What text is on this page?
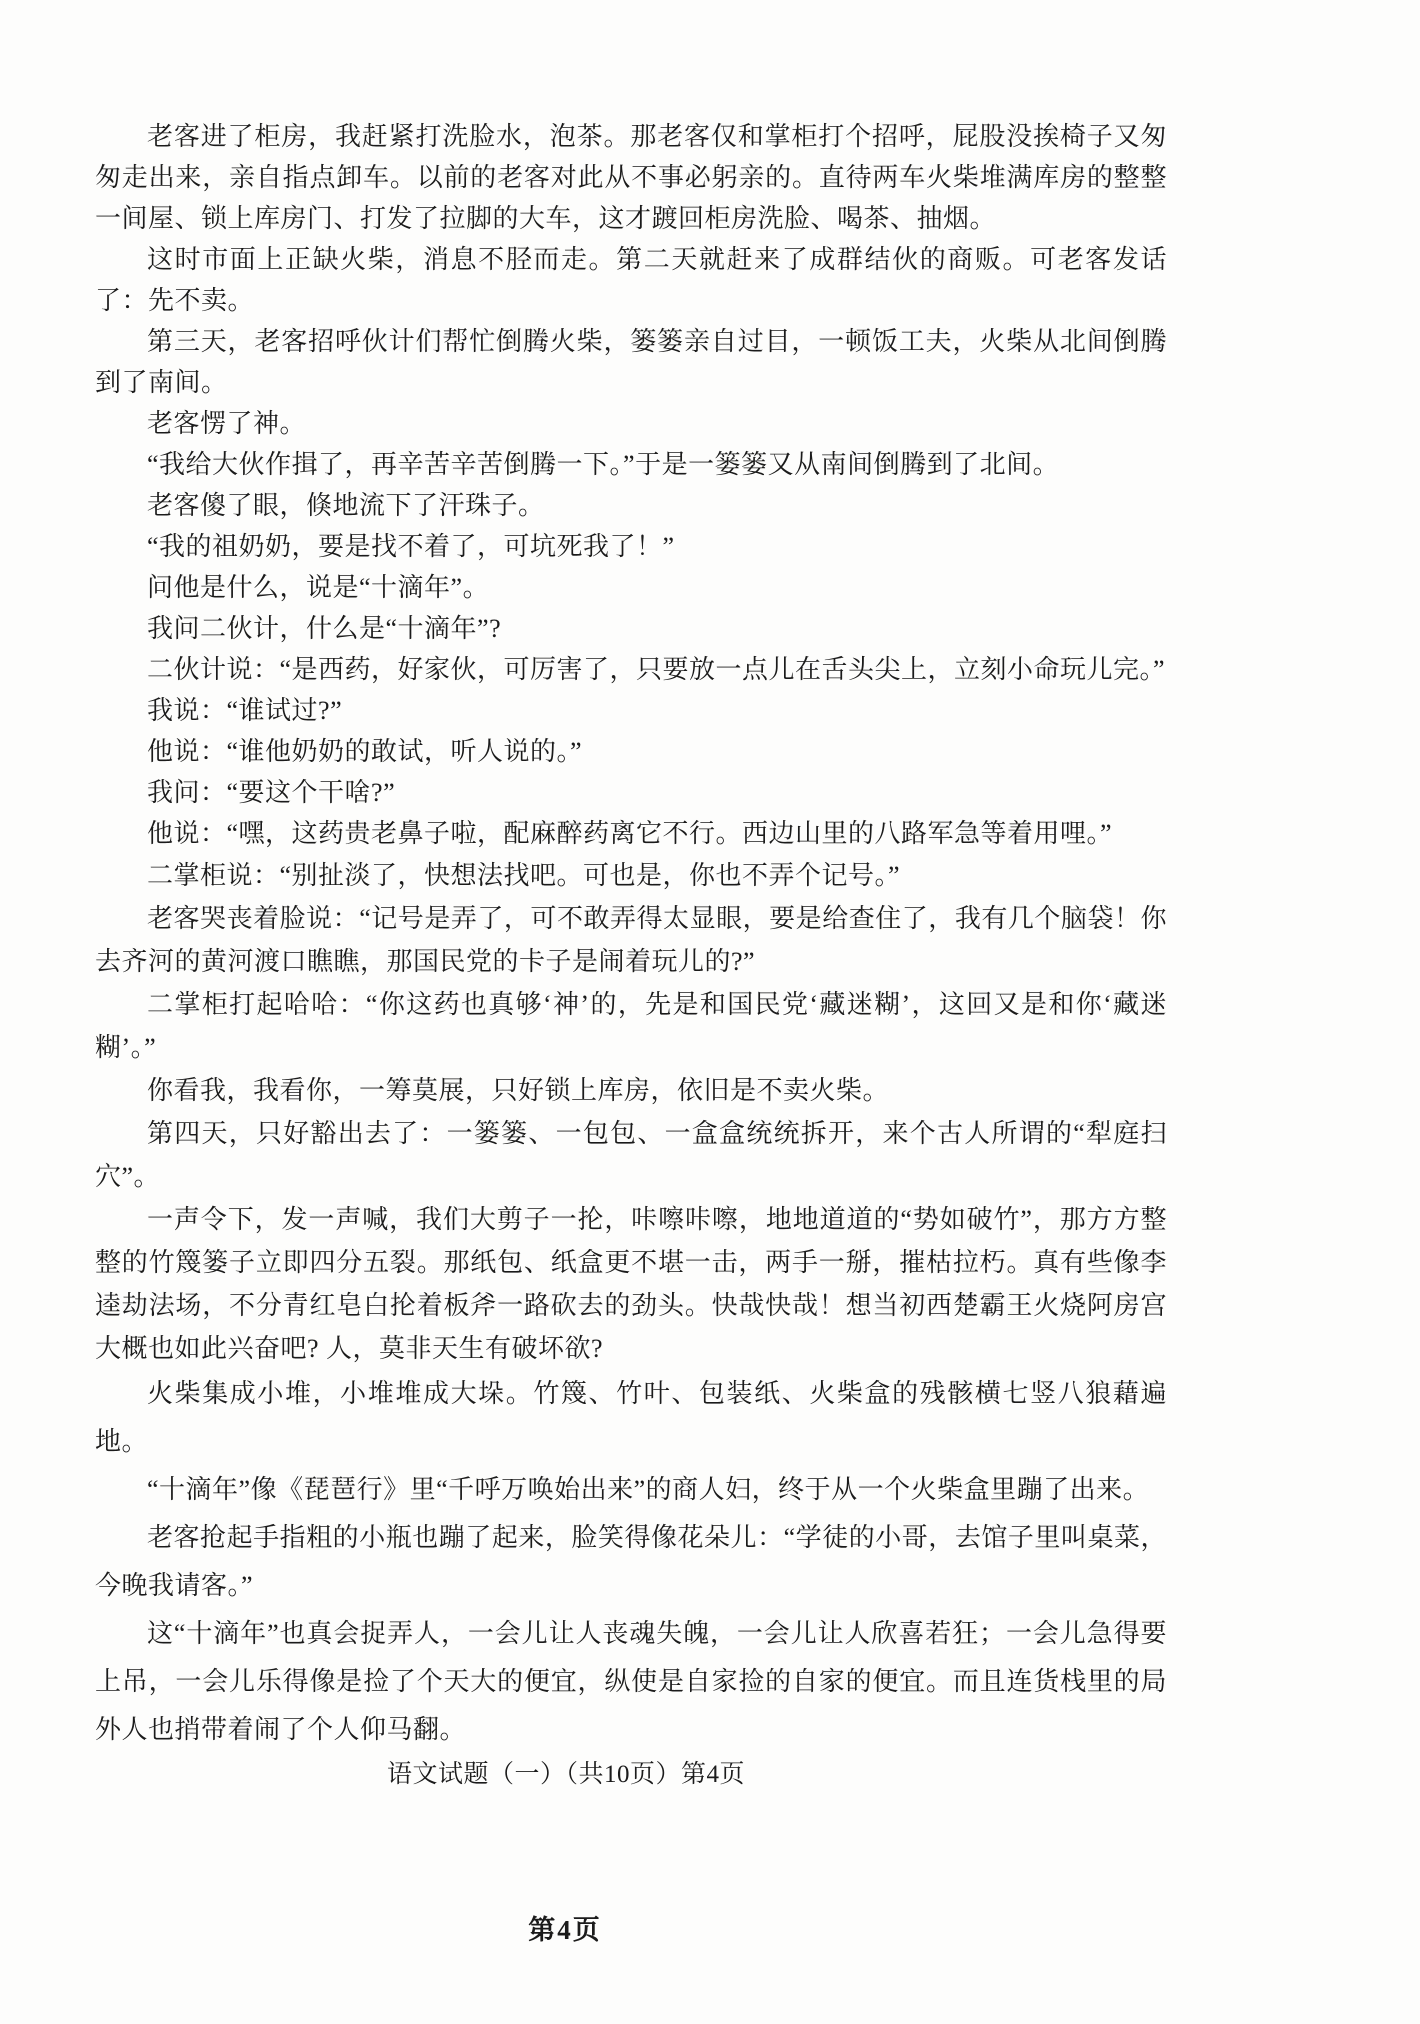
老客进了柜房，我赶紧打洗脸水，泡茶。那老客仅和掌柜打个招呼，屁股没挨椅子又匆匆走出来，亲自指点卸车。以前的老客对此从不事必躬亲的。直待两车火柴堆满库房的整整一间屋、锁上库房门、打发了拉脚的大车，这才踱回柜房洗脸、喝茶、抽烟。

这时市面上正缺火柴，消息不胫而走。第二天就赶来了成群结伙的商贩。可老客发话了：先不卖。

第三天，老客招呼伙计们帮忙倒腾火柴，篓篓亲自过目，一顿饭工夫，火柴从北间倒腾到了南间。

老客愣了神。

“我给大伙作揖了，再辛苦辛苦倒腾一下。”于是一篓篓又从南间倒腾到了北间。

老客傻了眼，倏地流下了汗珠子。

“我的祖奶奶，要是找不着了，可坑死我了！”

问他是什么，说是“十滴年”。

我问二伙计，什么是“十滴年”?

二伙计说：“是西药，好家伙，可厉害了，只要放一点儿在舌头尖上，立刻小命玩儿完。”

我说：“谁试过?”

他说：“谁他奶奶的敢试，听人说的。”

我问：“要这个干啥?”

他说：“嘿，这药贵老鼻子啦，配麻醉药离它不行。西边山里的八路军急等着用哩。”

二掌柜说：“别扯淡了，快想法找吧。可也是，你也不弄个记号。”

老客哭丧着脸说：“记号是弄了，可不敢弄得太显眼，要是给查住了，我有几个脑袋！你去齐河的黄河渡口瞧瞧，那国民党的卡子是闹着玩儿的?”

二掌柜打起哈哈：“你这药也真够‘神’的，先是和国民党‘藏迷糊’，这回又是和你‘藏迷糊’。”

你看我，我看你，一筹莫展，只好锁上库房，依旧是不卖火柴。

第四天，只好豁出去了：一篓篓、一包包、一盒盒统统拆开，来个古人所谓的“犁庭扫穴”。

一声令下，发一声喊，我们大剪子一抡，咔嚓咔嚓，地地道道的“势如破竹”，那方方整整的竹篾篓子立即四分五裂。那纸包、纸盒更不堪一击，两手一掰，摧枯拉朽。真有些像李逵劫法场，不分青红皂白抡着板斧一路砍去的劲头。快哉快哉！想当初西楚霸王火烧阿房宫大概也如此兴奋吧? 人，莫非天生有破坏欲?

火柴集成小堆，小堆堆成大垛。竹篾、竹叶、包装纸、火柴盒的残骸横七竖八狼藉遍地。

“十滴年”像《琵琶行》里“千呼万唤始出来”的商人妇，终于从一个火柴盒里蹦了出来。

老客抢起手指粗的小瓶也蹦了起来，脸笑得像花朵儿：“学徒的小哥，去馆子里叫桌菜，今晚我请客。”

这“十滴年”也真会捉弄人，一会儿让人丧魂失魄，一会儿让人欣喜若狂；一会儿急得要上吊，一会儿乐得像是捡了个天大的便宜，纵使是自家捡的自家的便宜。而且连货栈里的局外人也捎带着闹了个人仰马翻。

语文试题（一）（共10页）第4页

第4页
